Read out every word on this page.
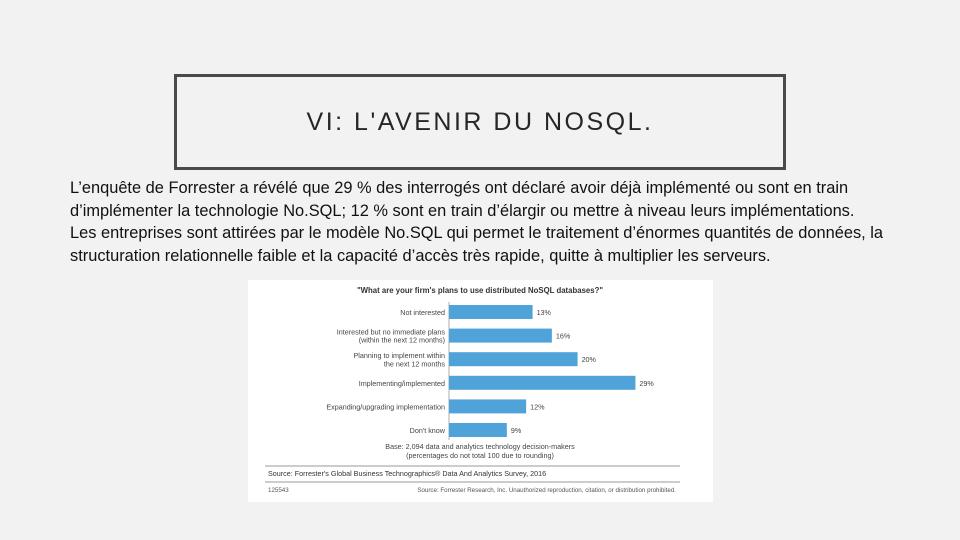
VI: L'AVENIR DU NOSQL.

L’enquête de Forrester a révélé que 29 % des interrogés ont déclaré avoir déjà implémenté ou sont en train d’implémenter la technologie No.SQL; 12 % sont en train d’élargir ou mettre à niveau leurs implémentations.

Les entreprises sont attirées par le modèle No.SQL qui permet le traitement d’énormes quantités de données, la structuration relationnelle faible et la capacité d’accès très rapide, quitte à multiplier les serveurs.

"What are your firm's plans to use distributed NoSQL databases?"
13%
Not interested
16%
Interested but no immediate plans
(within the next 12 months)
20%
Planning to implement within
the next 12 months
29%
Implementing/implemented
12%
Expanding/upgrading implementation
9%
Don't know
Base: 2,094 data and analytics technology decision-makers
(percentages do not total 100 due to rounding)
Source: Forrester's Global Business Technographics® Data And Analytics Survey, 2016
125543	Source: Forrester Research, Inc. Unauthorized reproduction, citation, or distribution prohibited.
